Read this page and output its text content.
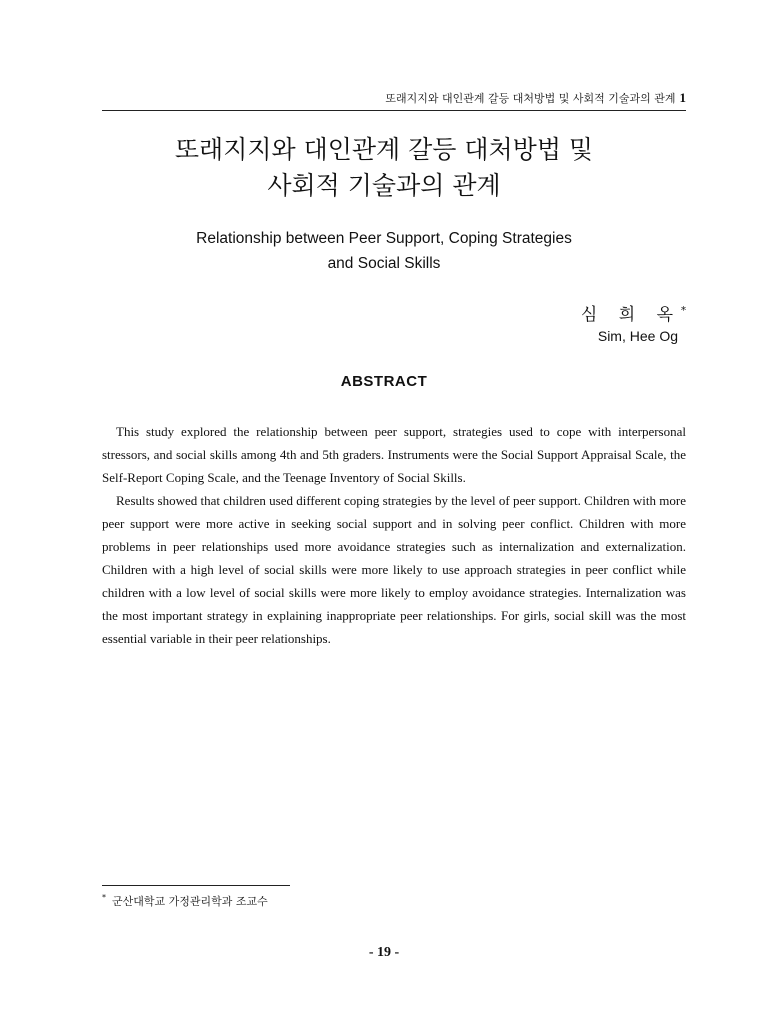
또래지지와 대인관계 갈등 대처방법 및 사회적 기술과의 관계 1
또래지지와 대인관계 갈등 대처방법 및
사회적 기술과의 관계
Relationship between Peer Support, Coping Strategies
and Social Skills
심 희 옥*
Sim, Hee Og
ABSTRACT

This study explored the relationship between peer support, strategies used to cope with interpersonal stressors, and social skills among 4th and 5th graders. Instruments were the Social Support Appraisal Scale, the Self-Report Coping Scale, and the Teenage Inventory of Social Skills.

Results showed that children used different coping strategies by the level of peer support. Children with more peer support were more active in seeking social support and in solving peer conflict. Children with more problems in peer relationships used more avoidance strategies such as internalization and externalization. Children with a high level of social skills were more likely to use approach strategies in peer conflict while children with a low level of social skills were more likely to employ avoidance strategies. Internalization was the most important strategy in explaining inappropriate peer relationships. For girls, social skill was the most essential variable in their peer relationships.

* 군산대학교 가정관리학과 조교수
- 19 -
